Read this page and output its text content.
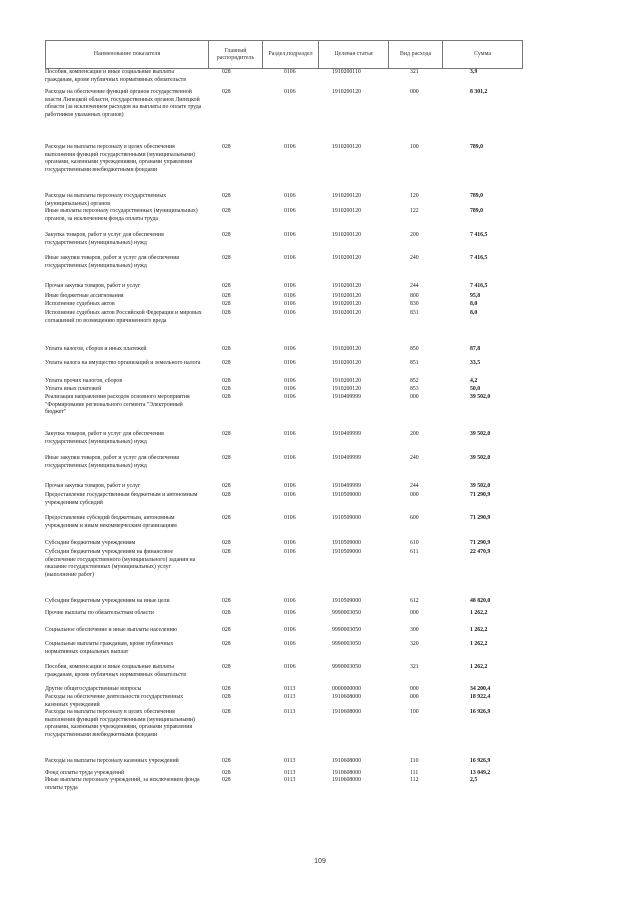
Наименование показателя	Главный распорядитель	Раздел,подраздел	Целевая статья	Вид расхода	Сумма
Пособия, компенсации и иные социальные выплаты гражданам, кроме публичных нормативных обязательств
028	0106	1910200110	321	3,9
Расходы на обеспечение функций органов государственной власти Липецкой области, государственных органов Липецкой области (за исключением расходов на выплаты по оплате труда работников указанных органов)
028	0106	1910200120	000	8 301,2
Расходы на выплаты персоналу в целях обеспечения выполнения функций государственными (муниципальными) органами, казенными учреждениями, органами управления государственными внебюджетными фондами
028	0106	1910200120	100	789,0
Расходы на выплаты персоналу государственных (муниципальных) органов
028	0106	1910200120	120	789,0
Иные выплаты персоналу государственных (муниципальных) органов, за исключением фонда оплаты труда
028	0106	1910200120	122	789,0
Закупка товаров, работ и услуг для обеспечения государственных (муниципальных) нужд
028	0106	1910200120	200	7 416,5
Иные закупки товаров, работ и услуг для обеспечения государственных (муниципальных) нужд
028	0106	1910200120	240	7 416,5
Прочая закупка товаров, работ и услуг	028	0106	1910200120	244	7 416,5
Иные бюджетные ассигнования	028	0106	1910200120	800	95,8
Исполнение судебных актов	028	0106	1910200120	830	8,0
Исполнение судебных актов Российской Федерации и мировых соглашений по возмещению причиненного вреда
028	0106	1910200120	831	8,0
Уплата налогов, сборов и иных платежей	028	0106	1910200120	850	87,8
Уплата налога на имущество организаций и земельного налога	028	0106	1910200120	851	33,5
Уплата прочих налогов, сборов	028	0106	1910200120	852	4,2
Уплата иных платежей	028	0106	1910200120	853	50,0
Реализация направления расходов основного мероприятия "Формирование регионального сегмента "Электронный бюджет"
028	0106	1910499999	000	39 502,0
Закупка товаров, работ и услуг для обеспечения государственных (муниципальных) нужд
028	0106	1910499999	200	39 502,0
Иные закупки товаров, работ и услуг для обеспечения государственных (муниципальных) нужд
028	0106	1910499999	240	39 502,0
Прочая закупка товаров, работ и услуг	028	0106	1910499999	244	39 502,0
Предоставление государственным бюджетным и автономным учреждениям субсидий
028	0106	1910509000	000	71 290,9
Предоставление субсидий бюджетным, автономным учреждениям и иным некоммерческим организациям
028	0106	1910509000	600	71 290,9
Субсидии бюджетным учреждениям	028	0106	1910509000	610	71 290,9
Субсидии бюджетным учреждениям на финансовое обеспечение государственного (муниципального) задания на оказание государственных (муниципальных) услуг (выполнение работ)
028	0106	1910509000	611	22 470,9
Субсидии бюджетным учреждениям на иные цели	028	0106	1910509000	612	48 820,0
Прочие выплаты по обязательствам области	028	0106	9990003050	000	1 262,2
Социальное обеспечение и иные выплаты населению	028	0106	9990003050	300	1 262,2
Социальные выплаты гражданам, кроме публичных нормативных социальных выплат
028	0106	9990003050	320	1 262,2
Пособия, компенсации и иные социальные выплаты гражданам, кроме публичных нормативных обязательств
028	0106	9990003050	321	1 262,2
Другие общегосударственные вопросы	028	0113	0000000000	000	34 200,4
Расходы на обеспечение деятельности государственных казенных учреждений
028	0113	1910608000	000	18 922,4
Расходы на выплаты персоналу в целях обеспечения выполнения функций государственными (муниципальными) органами, казенными учреждениями, органами управления государственными внебюджетными фондами
028	0113	1910608000	100	16 926,9
Расходы на выплаты персоналу казенных учреждений	028	0113	1910608000	110	16 926,9
Фонд оплаты труда учреждений	028	0113	1910608000	111	13 049,2
Иные выплаты персоналу учреждений, за исключением фонда оплаты труда
028	0113	1910608000	112	2,5
109
